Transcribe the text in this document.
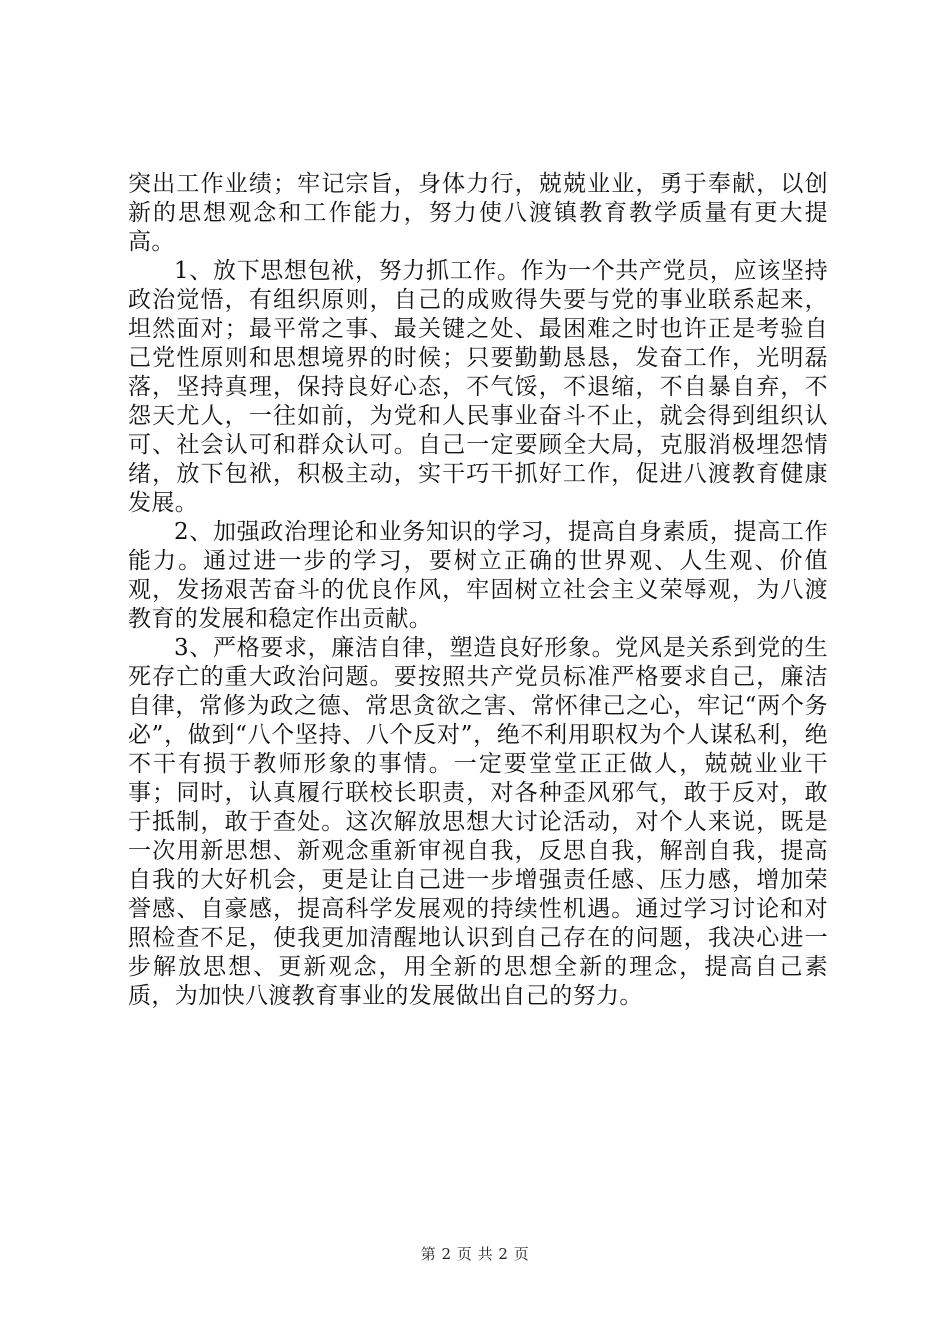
突出工作业绩；牢记宗旨，身体力行，兢兢业业，勇于奉献，以创新的思想观念和工作能力，努力使八渡镇教育教学质量有更大提高。

1、放下思想包袱，努力抓工作。作为一个共产党员，应该坚持政治觉悟，有组织原则，自己的成败得失要与党的事业联系起来，坦然面对；最平常之事、最关键之处、最困难之时也许正是考验自己党性原则和思想境界的时候；只要勤勤恳恳，发奋工作，光明磊落，坚持真理，保持良好心态，不气馁，不退缩，不自暴自弃，不怨天尤人，一往如前，为党和人民事业奋斗不止，就会得到组织认可、社会认可和群众认可。自己一定要顾全大局，克服消极埋怨情绪，放下包袱，积极主动，实干巧干抓好工作，促进八渡教育健康发展。

2、加强政治理论和业务知识的学习，提高自身素质，提高工作能力。通过进一步的学习，要树立正确的世界观、人生观、价值观，发扬艰苦奋斗的优良作风，牢固树立社会主义荣辱观，为八渡教育的发展和稳定作出贡献。

3、严格要求，廉洁自律，塑造良好形象。党风是关系到党的生死存亡的重大政治问题。要按照共产党员标准严格要求自己，廉洁自律，常修为政之德、常思贪欲之害、常怀律己之心，牢记“两个务必”，做到“八个坚持、八个反对”，绝不利用职权为个人谋私利，绝不干有损于教师形象的事情。一定要堂堂正正做人，兢兢业业干事；同时，认真履行联校长职责，对各种歪风邪气，敢于反对，敢于抵制，敢于查处。这次解放思想大讨论活动，对个人来说，既是一次用新思想、新观念重新审视自我，反思自我，解剖自我，提高自我的大好机会，更是让自己进一步增强责任感、压力感，增加荣誉感、自豪感，提高科学发展观的持续性机遇。通过学习讨论和对照检查不足，使我更加清醒地认识到自己存在的问题，我决心进一步解放思想、更新观念，用全新的思想全新的理念，提高自己素质，为加快八渡教育事业的发展做出自己的努力。

第 2 页 共 2 页
